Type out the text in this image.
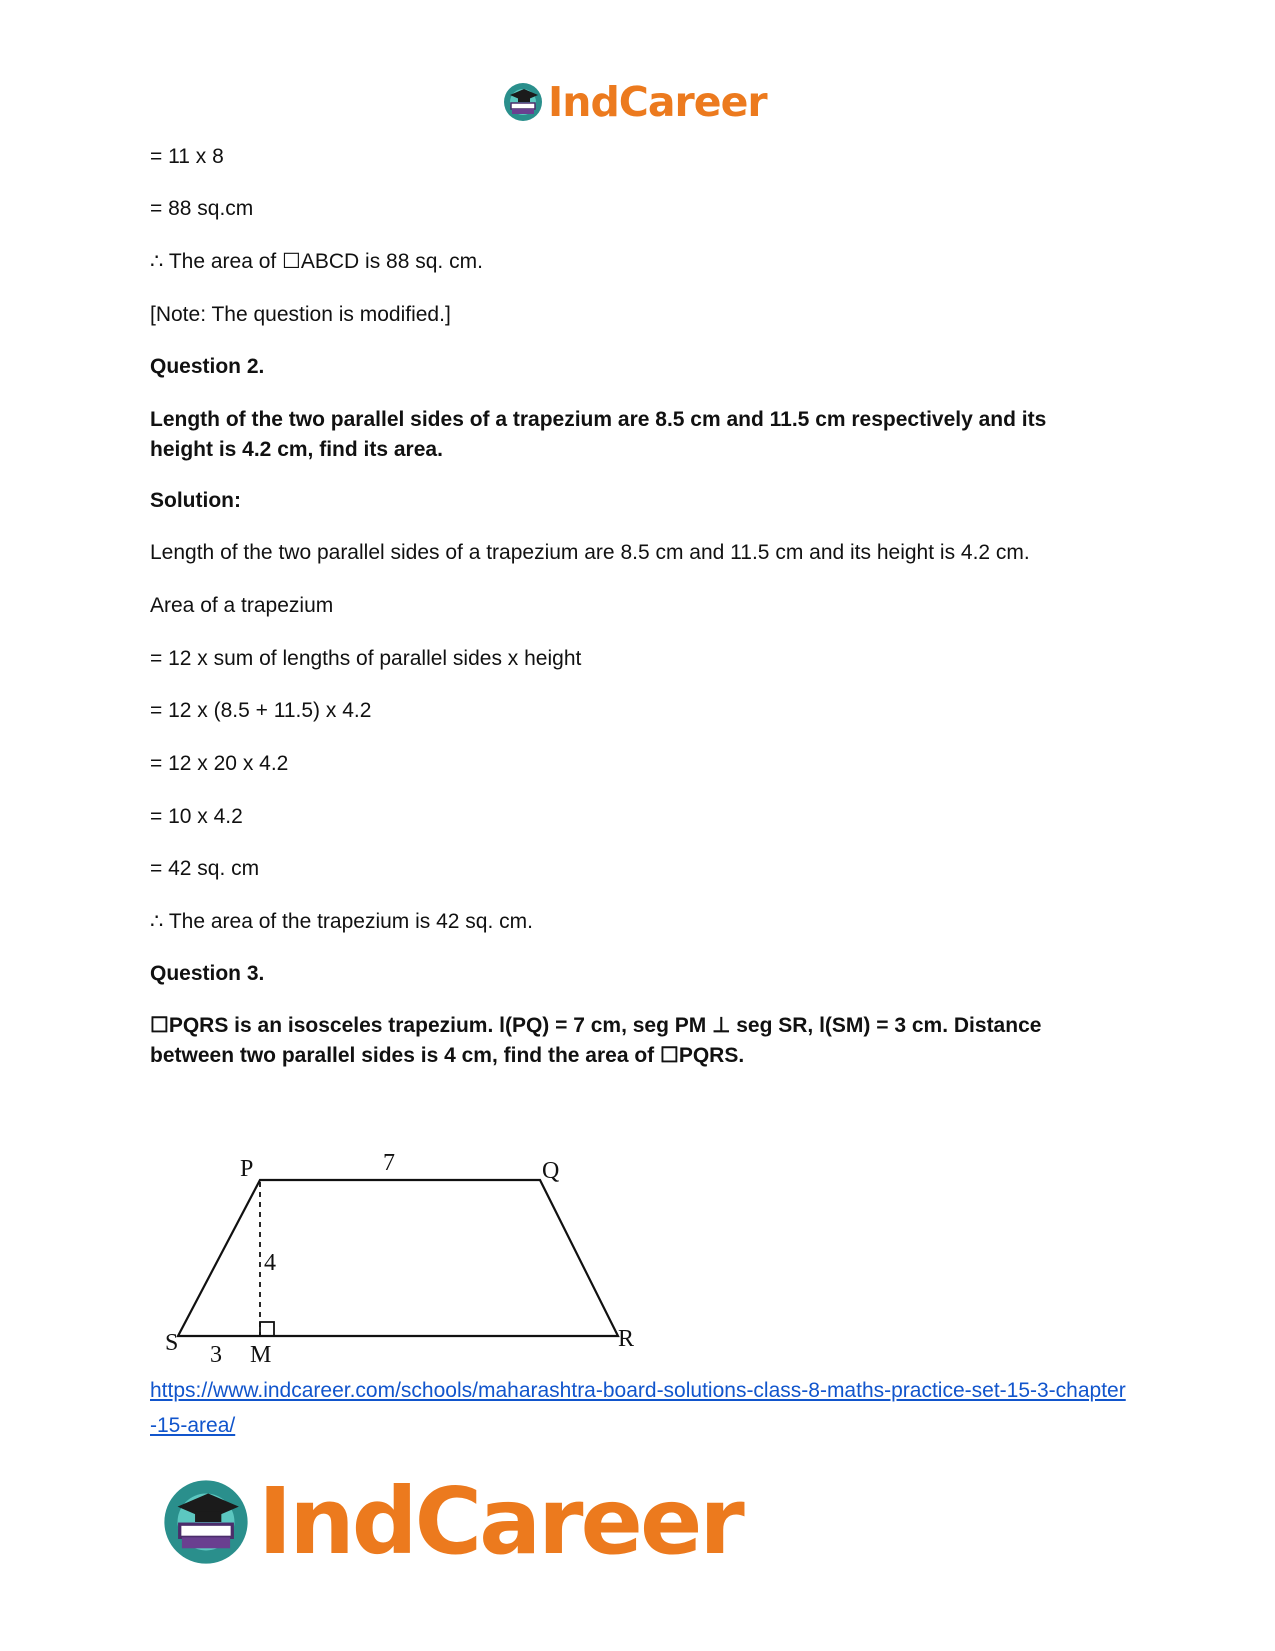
IndCareer
= 11 x 8
= 88 sq.cm
∴ The area of ☐ABCD is 88 sq. cm.
[Note: The question is modified.]
Question 2.
Length of the two parallel sides of a trapezium are 8.5 cm and 11.5 cm respectively and its height is 4.2 cm, find its area.
Solution:
Length of the two parallel sides of a trapezium are 8.5 cm and 11.5 cm and its height is 4.2 cm.
Area of a trapezium
= 12 x sum of lengths of parallel sides x height
= 12 x (8.5 + 11.5) x 4.2
= 12 x 20 x 4.2
= 10 x 4.2
= 42 sq. cm
∴ The area of the trapezium is 42 sq. cm.
Question 3.
☐PQRS is an isosceles trapezium. l(PQ) = 7 cm, seg PM ⊥ seg SR, l(SM) = 3 cm. Distance between two parallel sides is 4 cm, find the area of ☐PQRS.
P	Q
R
S	M
7
4
3
https://www.indcareer.com/schools/maharashtra-board-solutions-class-8-maths-practice-set-15-3-chapter-15-area/
IndCareer
